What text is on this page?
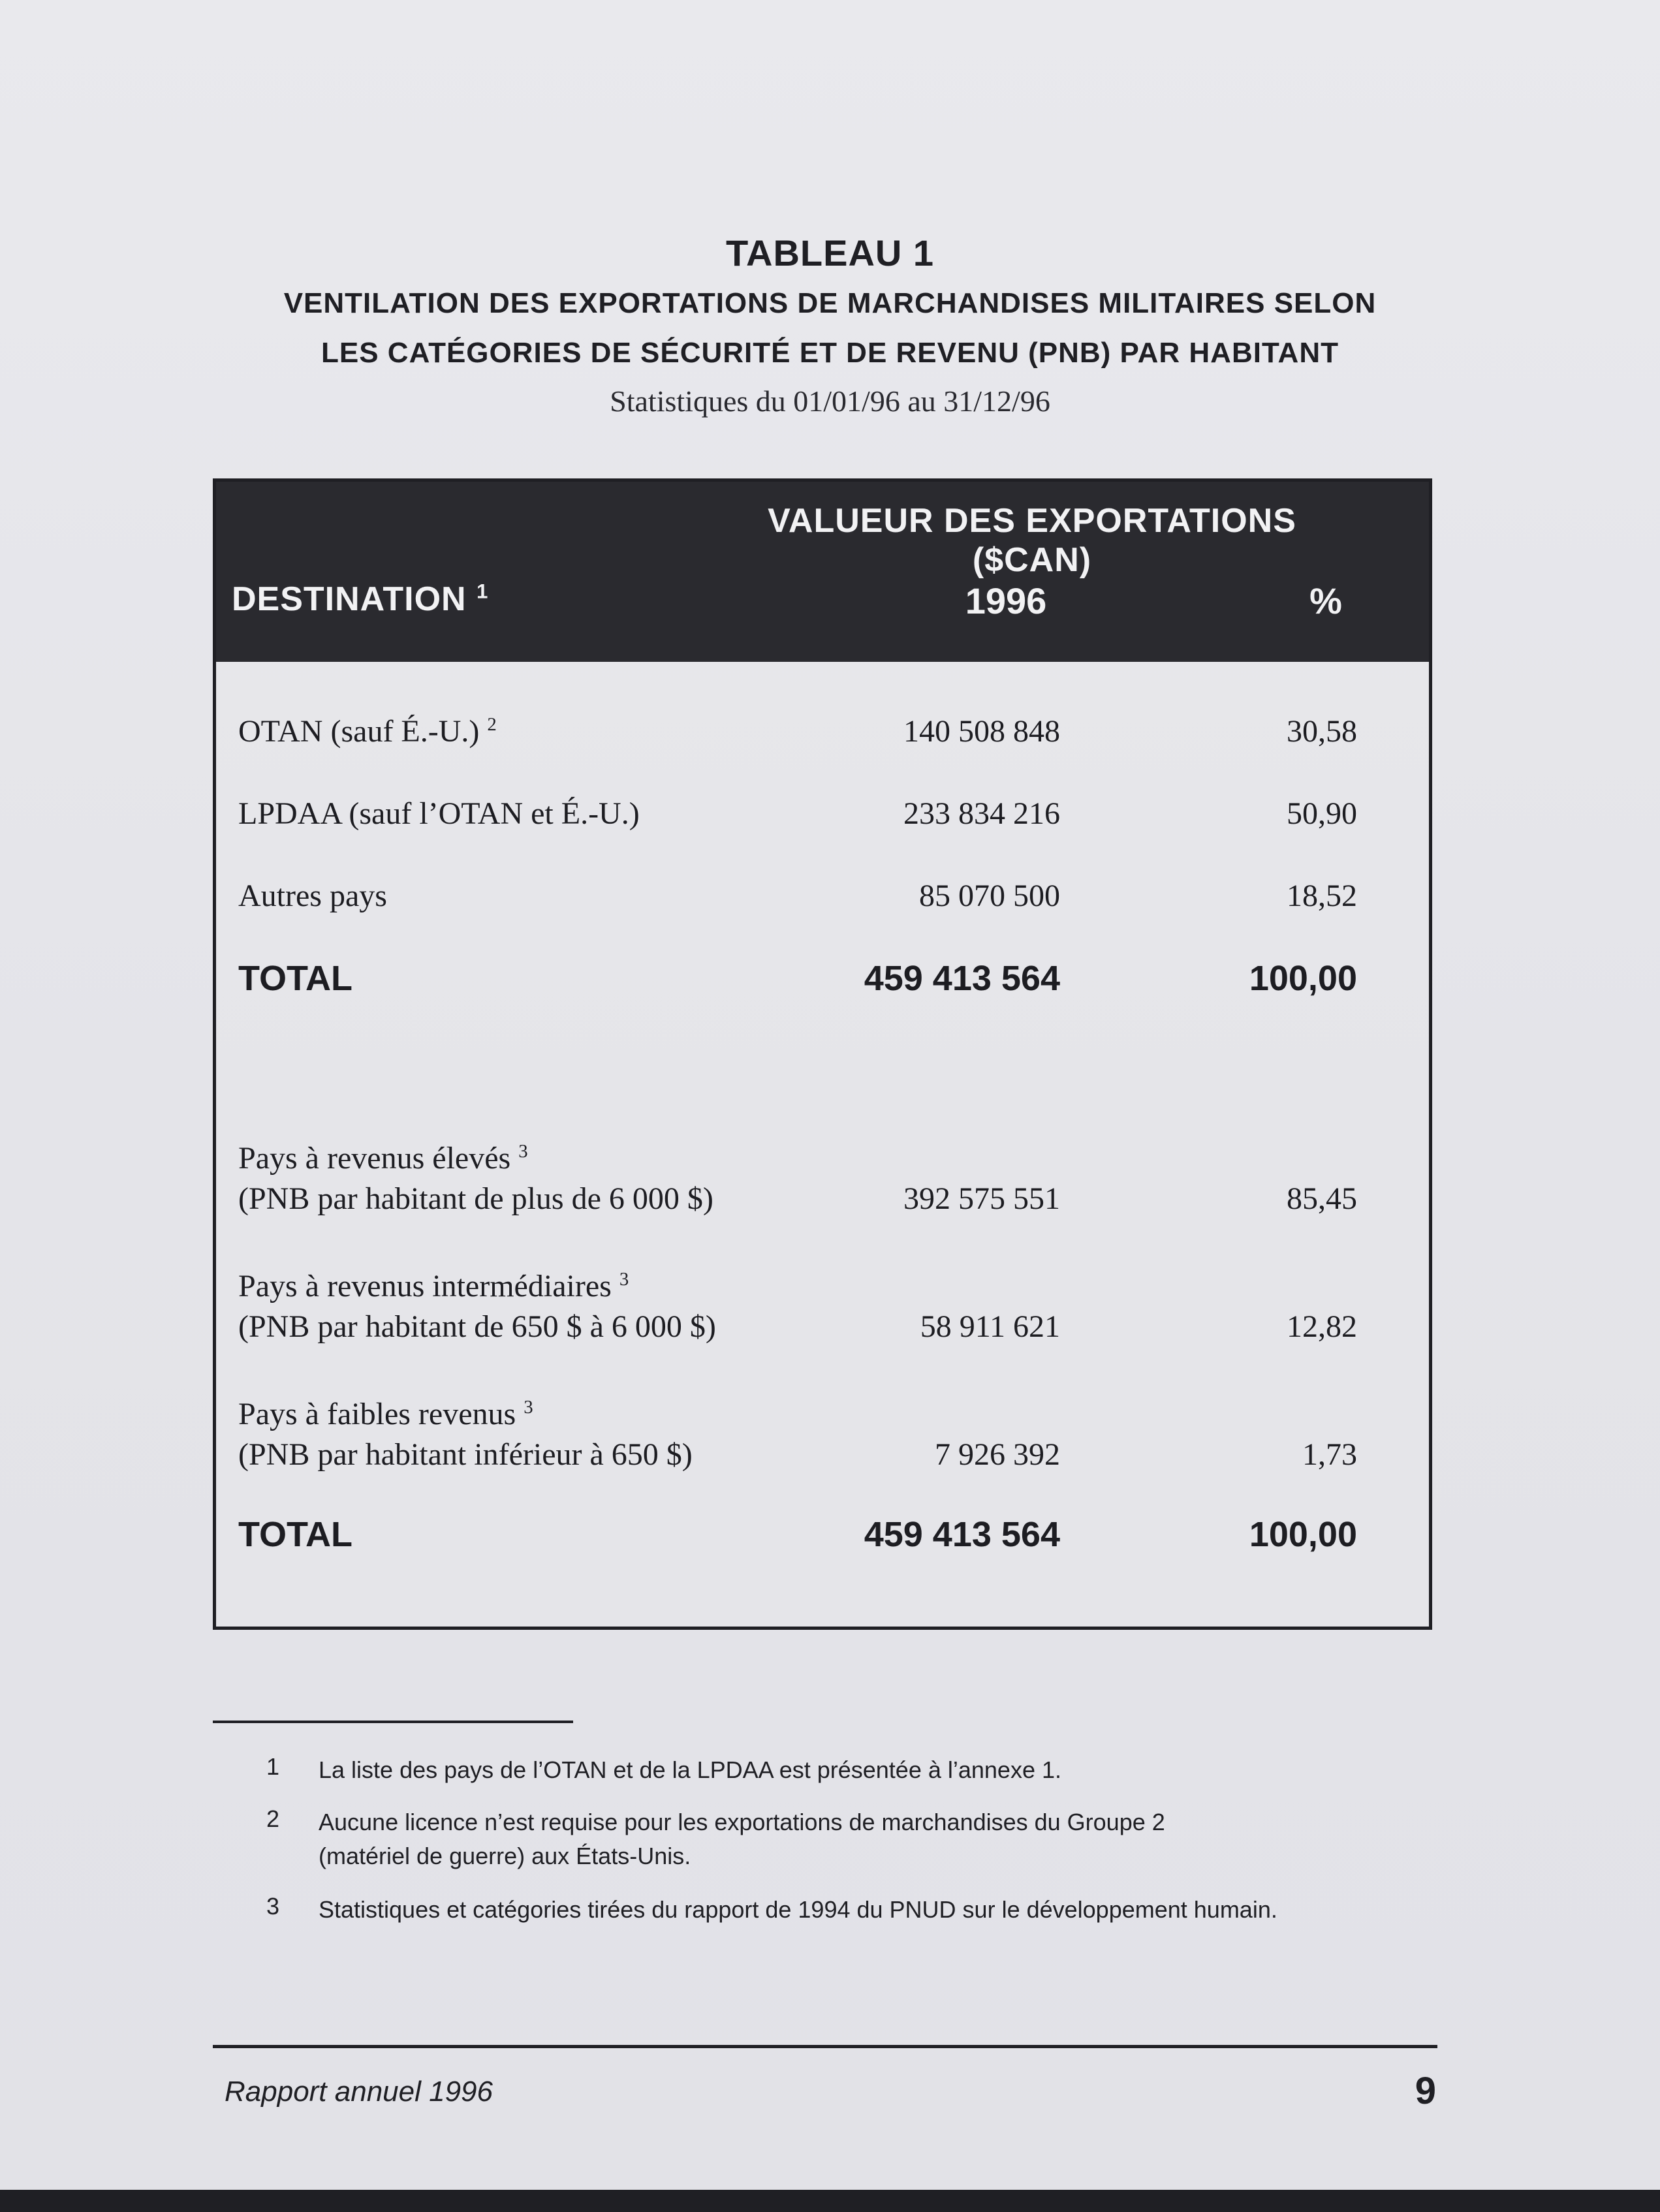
TABLEAU 1
VENTILATION DES EXPORTATIONS DE MARCHANDISES MILITAIRES SELON
LES CATÉGORIES DE SÉCURITÉ ET DE REVENU (PNB) PAR HABITANT
Statistiques du 01/01/96 au 31/12/96
VALUEUR DES EXPORTATIONS ($CAN)
DESTINATION $^1$	1996	%
OTAN (sauf É.-U.) $^2$	140 508 848	30,58
LPDAA (sauf l’OTAN et É.-U.)	233 834 216	50,90
Autres pays	85 070 500	18,52
TOTAL	459 413 564	100,00
Pays à revenus élevés $^3$
(PNB par habitant de plus de 6 000 $)	392 575 551	85,45
Pays à revenus intermédiaires $^3$
(PNB par habitant de 650 $ à 6 000 $)	58 911 621	12,82
Pays à faibles revenus $^3$
(PNB par habitant inférieur à 650 $)	7 926 392	1,73
TOTAL	459 413 564	100,00
1 La liste des pays de l’OTAN et de la LPDAA est présentée à l’annexe 1.
2 Aucune licence n’est requise pour les exportations de marchandises du Groupe 2 (matériel de guerre) aux États-Unis.
3 Statistiques et catégories tirées du rapport de 1994 du PNUD sur le développement humain.
Rapport annuel 1996	9
